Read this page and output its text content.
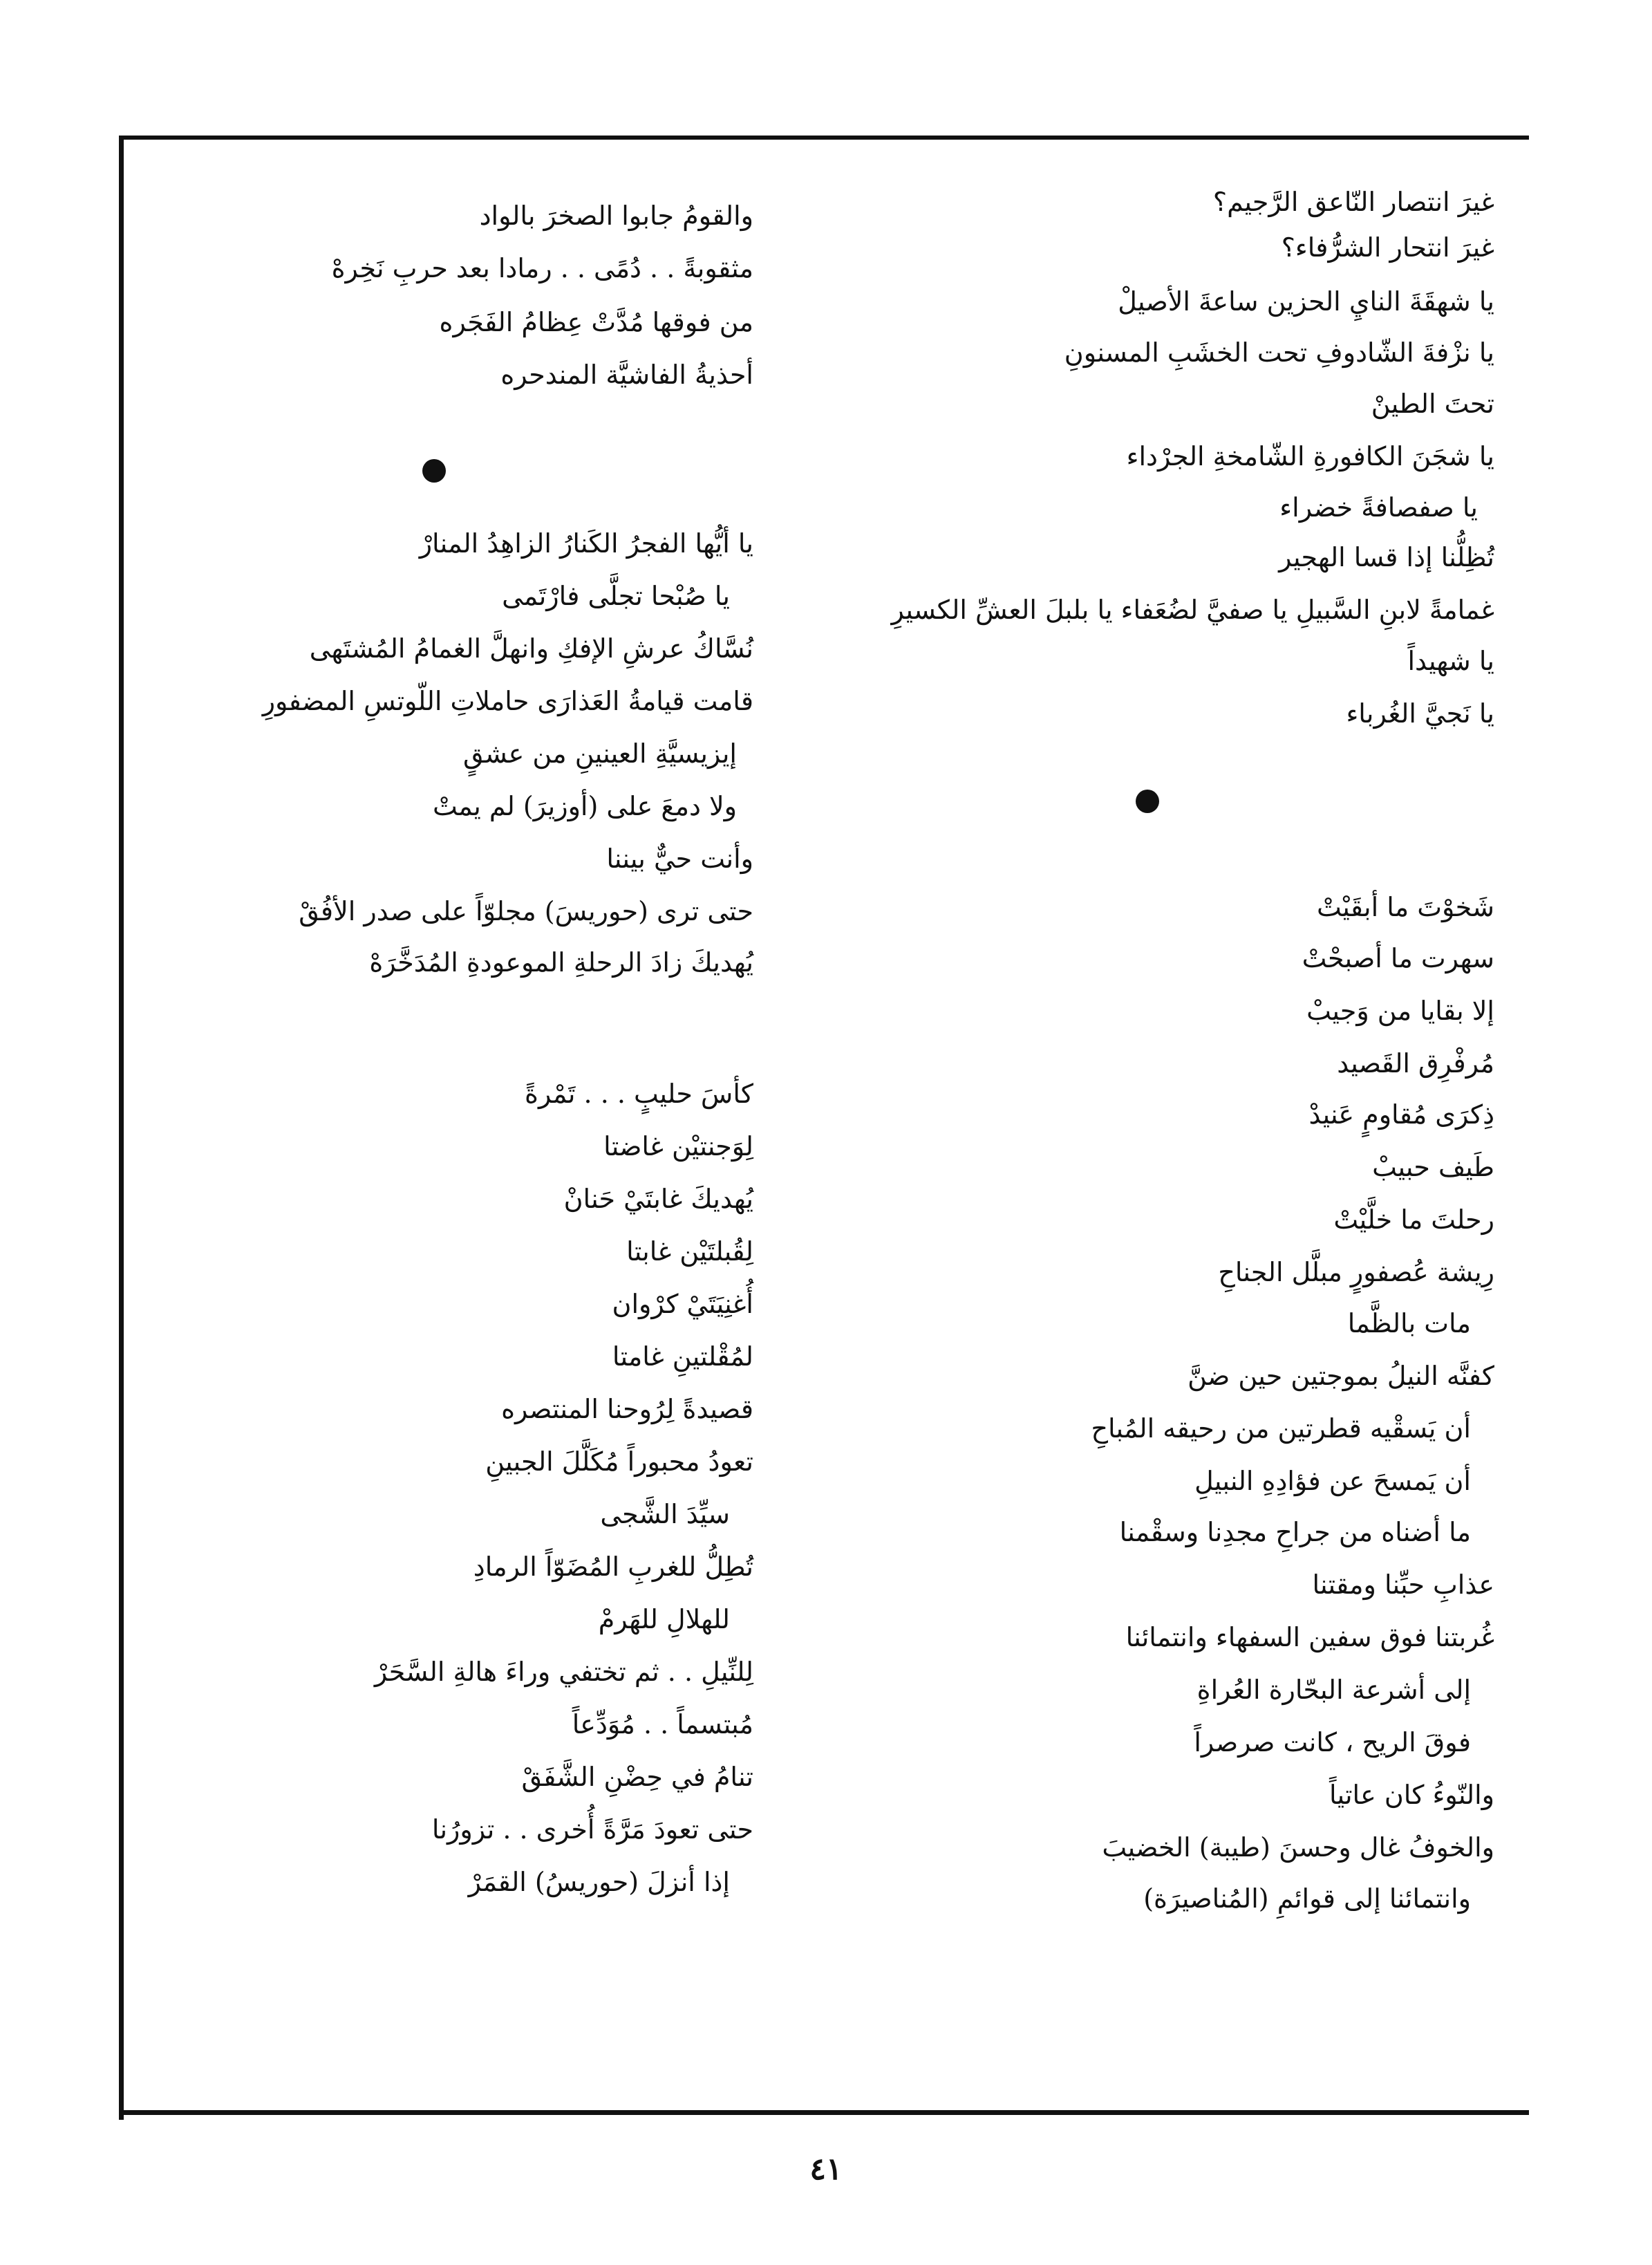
غيرَ انتصار النّاعق الرَّجيم؟
غيرَ انتحار الشرُّفاء؟
يا شهقَةَ النايِ الحزين ساعةَ الأصيلْ
يا نزْفةَ الشّادوفِ تحت الخشَبِ المسنونِ
تحتَ الطينْ
يا شجَنَ الكافورةِ الشّامخةِ الجرْداء
يا صفصافةً خضراء
تُظِلُّنا إذا قسا الهجير
غمامةً لابنِ السَّبيلِ يا صفيَّ لضُعَفاء يا بلبلَ العشِّ الكسيرِ
يا شهيداً
يا نَجيَّ الغُرباء
شَخوْتَ ما أبقَيْتْ
سهرت ما أصبحْتْ
إلا بقايا من وَجيبْ
مُرفْرِق القَصيد
ذِكرَى مُقاومٍ عَنيدْ
طَيف حبيبْ
رحلتَ ما خلَّيْتْ
رِيشة عُصفورٍ مبلَّل الجناحِ
مات بالظَّما
كفنَّه النيلُ بموجتين حين ضنَّ
أن يَسقْيه قطرتين من رحيقه المُباحِ
أن يَمسحَ عن فؤادِهِ النبيلِ
ما أضناه من جراحِ مجدِنا وسقْمنا
عذابِ حبِّنا ومقتنا
غُربتنا فوق سفين السفهاء وانتمائنا
إلى أشرعة البحّارة العُراةِ
فوقَ الريح ، كانت صرصراً
والنّوءُ كان عاتياً
والخوفُ غال وحسنَ (طيبة) الخضيبَ
وانتمائنا إلى قوائمِ (المُناصيرَة)
والقومُ جابوا الصخرَ بالواد
مثقوبةً . . دُمًى . . رمادا بعد حربِ نَخِرهْ
من فوقها مُدَّتْ عِظامُ الفَجَره
أحذيةُ الفاشيَّة المندحره
يا أيُّها الفجرُ الكَنارُ الزاهِدُ المنارْ
يا صُبْحا تجلَّى فارْتَمى
نُسَّاكُ عرشِ الإفكِ وانهلَّ الغمامُ المُشتَهى
قامت قيامةُ العَذارَى حاملاتِ اللّوتسِ المضفورِ
إيزيسيَّةِ العينينِ من عشقٍ
ولا دمعَ على (أوزيرَ) لم يمتْ
وأنت حيٌّ بيننا
حتى ترى (حوريسَ) مجلوّاً على صدر الأفُقْ
يُهديكَ زادَ الرحلةِ الموعودةِ المُدَخَّرَهْ
كأسَ حليبٍ . . . تَمْرةً
لِوَجنتيْن غاضتا
يُهديكَ غابتَيْ حَنانْ
لِقُبلتَيْن غابتا
أُغنِيَتَيْ كرْوان
لمُقْلتينِ غامتا
قصيدةً لِرُوحنا المنتصره
تعودُ محبوراً مُكَلَّلَ الجبينِ
سيِّدَ الشَّجى
تُطِلُّ للغربِ المُضَوّاً الرمادِ
للهلالِ للهَرمْ
لِلنِّيلِ . . ثم تختفي وراءَ هالةِ السَّحَرْ
مُبتسماً . . مُوَدِّعاً
تنامُ في حِضْنِ الشَّفَقْ
حتى تعودَ مَرَّةً أُخرى . . تزورُنا
إذا أنزلَ (حوريسُ) القمَرْ
٤١
